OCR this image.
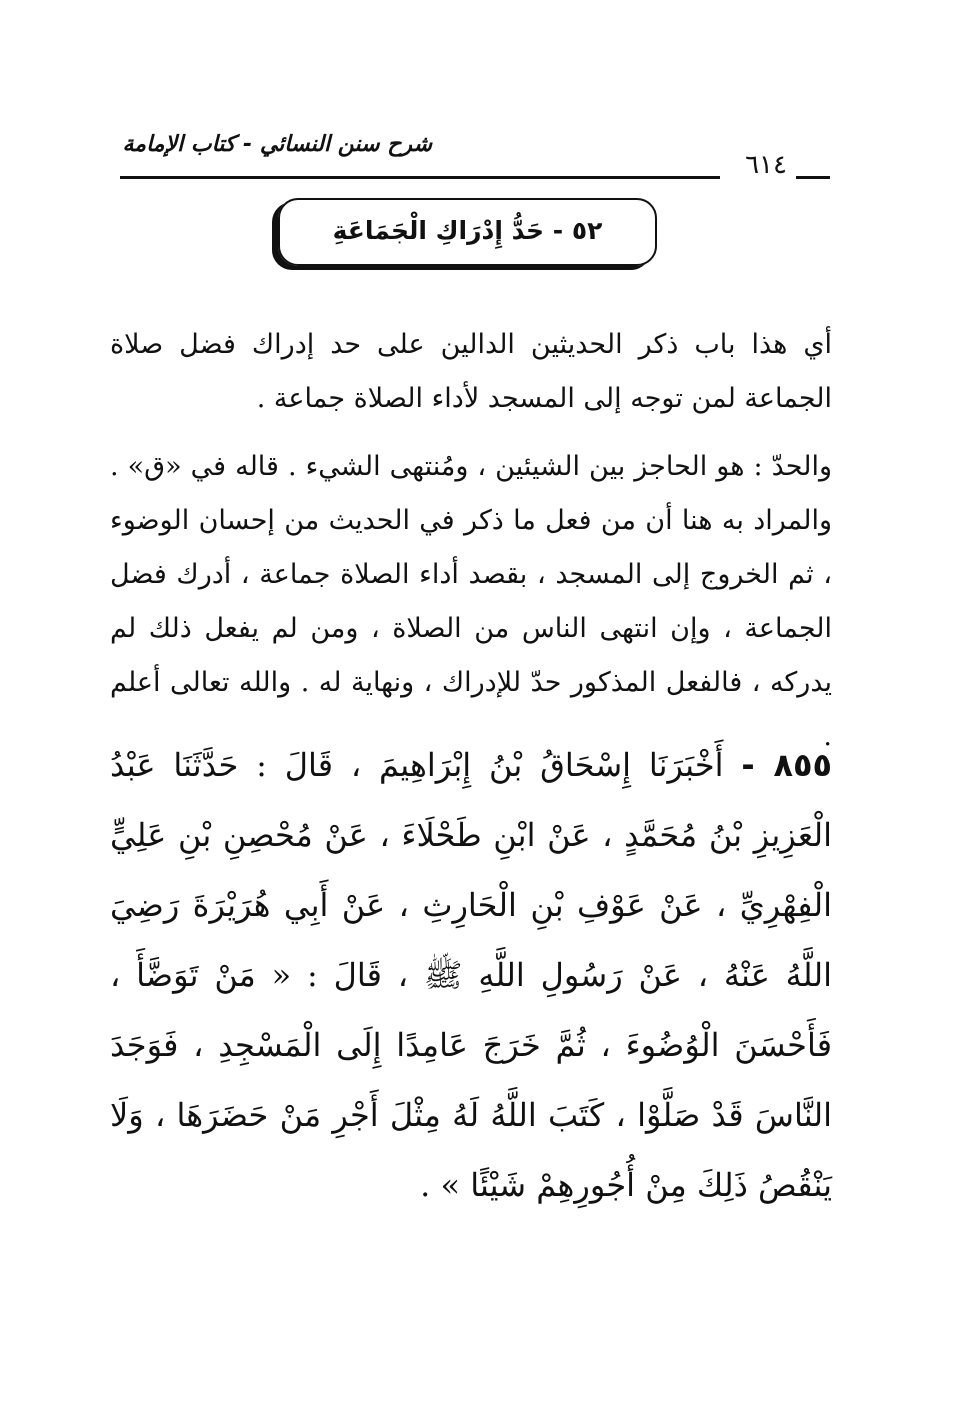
شرح سنن النسائي - كتاب الإمامة
٦١٤
٥٢ - حَدُّ إِدْرَاكِ الْجَمَاعَةِ
أي هذا باب ذكر الحديثين الدالين على حد إدراك فضل صلاة الجماعة لمن توجه إلى المسجد لأداء الصلاة جماعة .
والحدّ : هو الحاجز بين الشيئين ، ومُنتهى الشيء . قاله في «ق» . والمراد به هنا أن من فعل ما ذكر في الحديث من إحسان الوضوء ، ثم الخروج إلى المسجد ، بقصد أداء الصلاة جماعة ، أدرك فضل الجماعة ، وإن انتهى الناس من الصلاة ، ومن لم يفعل ذلك لم يدركه ، فالفعل المذكور حدّ للإدراك ، ونهاية له . والله تعالى أعلم .
٨٥٥ - أَخْبَرَنَا إِسْحَاقُ بْنُ إِبْرَاهِيمَ ، قَالَ : حَدَّثَنَا عَبْدُ الْعَزِيزِ بْنُ مُحَمَّدٍ ، عَنْ ابْنِ طَحْلَاءَ ، عَنْ مُحْصِنِ بْنِ عَلِيٍّ الْفِهْرِيِّ ، عَنْ عَوْفِ بْنِ الْحَارِثِ ، عَنْ أَبِي هُرَيْرَةَ رَضِيَ اللَّهُ عَنْهُ ، عَنْ رَسُولِ اللَّهِ ﷺ ، قَالَ : « مَنْ تَوَضَّأَ ، فَأَحْسَنَ الْوُضُوءَ ، ثُمَّ خَرَجَ عَامِدًا إِلَى الْمَسْجِدِ ، فَوَجَدَ النَّاسَ قَدْ صَلَّوْا ، كَتَبَ اللَّهُ لَهُ مِثْلَ أَجْرِ مَنْ حَضَرَهَا ، وَلَا يَنْقُصُ ذَلِكَ مِنْ أُجُورِهِمْ شَيْئًا » .
